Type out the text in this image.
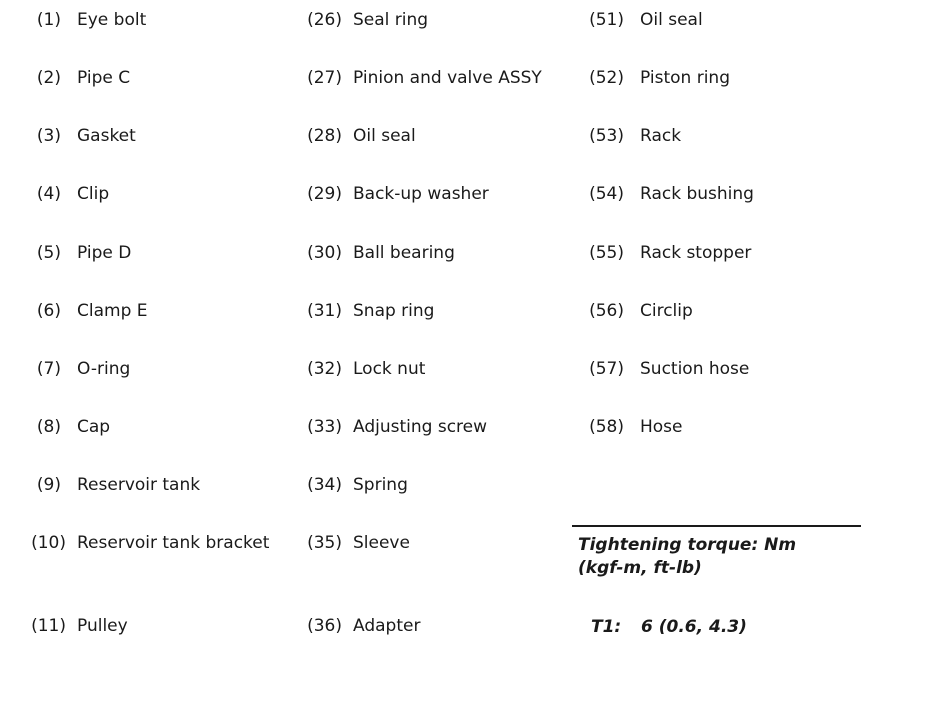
(1) Eye bolt
(2) Pipe C
(3) Gasket
(4) Clip
(5) Pipe D
(6) Clamp E
(7) O-ring
(8) Cap
(9) Reservoir tank
(10) Reservoir tank bracket
(11) Pulley
(26) Seal ring
(27) Pinion and valve ASSY
(28) Oil seal
(29) Back-up washer
(30) Ball bearing
(31) Snap ring
(32) Lock nut
(33) Adjusting screw
(34) Spring
(35) Sleeve
(36) Adapter
(51) Oil seal
(52) Piston ring
(53) Rack
(54) Rack bushing
(55) Rack stopper
(56) Circlip
(57) Suction hose
(58) Hose
Tightening torque: Nm
(kgf-m, ft-lb)
T1: 6 (0.6, 4.3)
